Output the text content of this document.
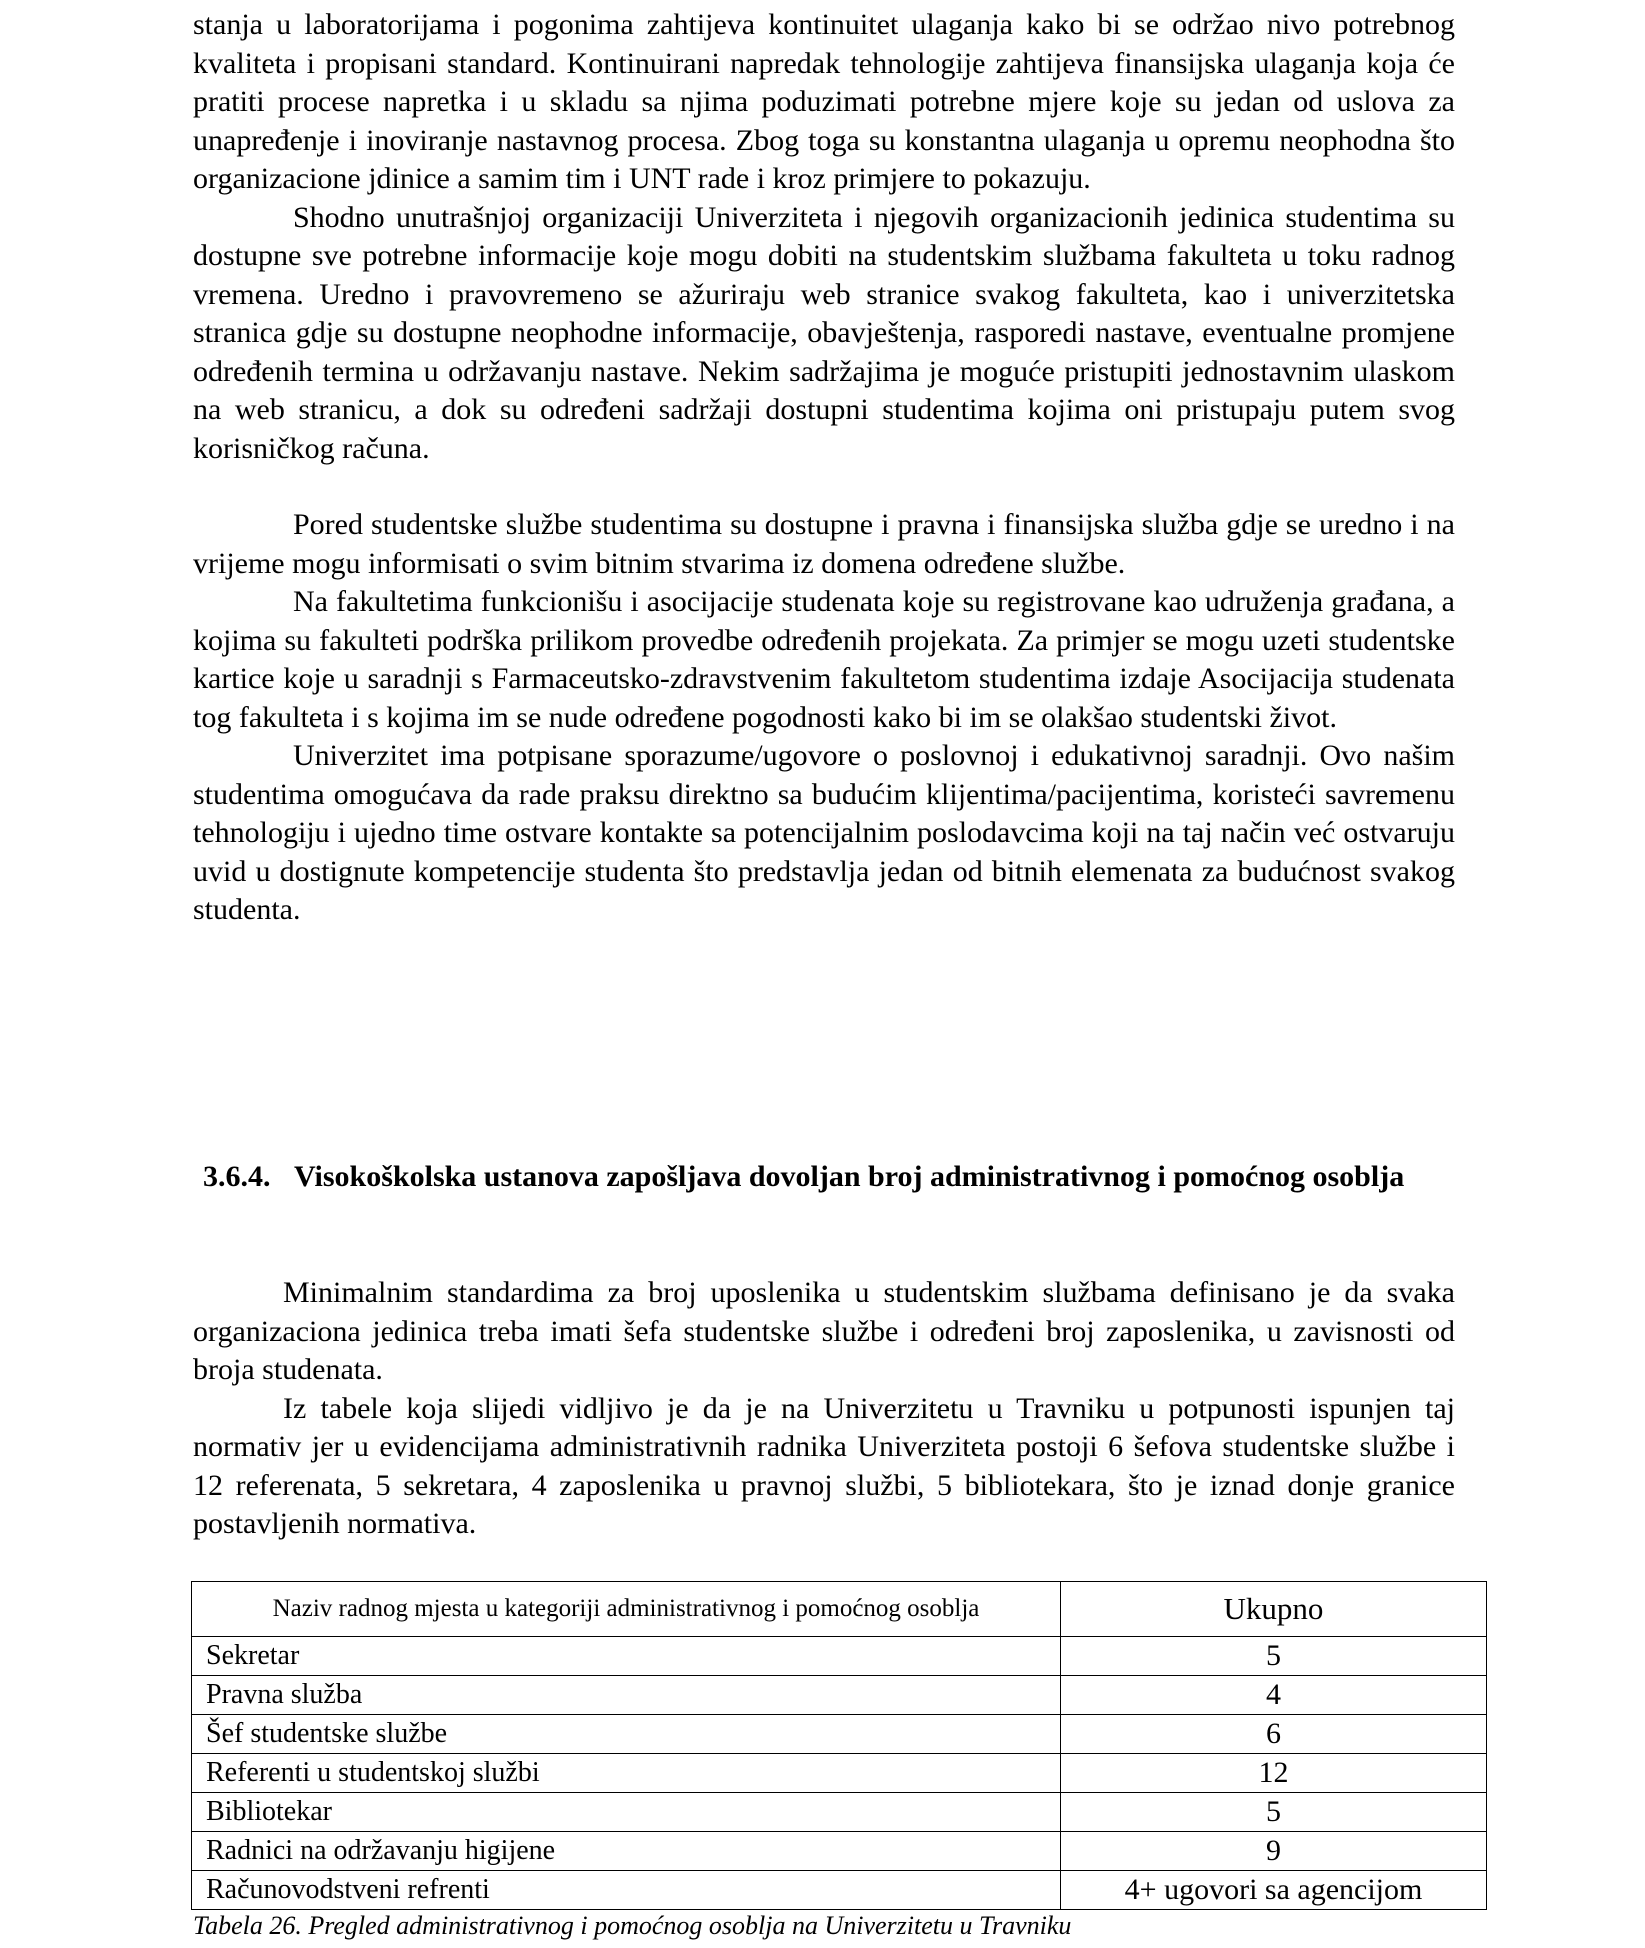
stanja u laboratorijama i pogonima zahtijeva kontinuitet ulaganja kako bi se održao nivo potrebnog kvaliteta i propisani standard. Kontinuirani napredak tehnologije zahtijeva finansijska ulaganja koja će pratiti procese napretka i u skladu sa njima poduzimati potrebne mjere koje su jedan od uslova za unapređenje i inoviranje nastavnog procesa. Zbog toga su konstantna ulaganja u opremu neophodna što organizacione jdinice a samim tim i UNT rade i kroz primjere to pokazuju.

Shodno unutrašnjoj organizaciji Univerziteta i njegovih organizacionih jedinica studentima su dostupne sve potrebne informacije koje mogu dobiti na studentskim službama fakulteta u toku radnog vremena. Uredno i pravovremeno se ažuriraju web stranice svakog fakulteta, kao i univerzitetska stranica gdje su dostupne neophodne informacije, obavještenja, rasporedi nastave, eventualne promjene određenih termina u održavanju nastave. Nekim sadržajima je moguće pristupiti jednostavnim ulaskom na web stranicu, a dok su određeni sadržaji dostupni studentima kojima oni pristupaju putem svog korisničkog računa.

Pored studentske službe studentima su dostupne i pravna i finansijska služba gdje se uredno i na vrijeme mogu informisati o svim bitnim stvarima iz domena određene službe.

Na fakultetima funkcionišu i asocijacije studenata koje su registrovane kao udruženja građana, a kojima su fakulteti podrška prilikom provedbe određenih projekata. Za primjer se mogu uzeti studentske kartice koje u saradnji s Farmaceutsko-zdravstvenim fakultetom studentima izdaje Asocijacija studenata tog fakulteta i s kojima im se nude određene pogodnosti kako bi im se olakšao studentski život.

Univerzitet ima potpisane sporazume/ugovore o poslovnoj i edukativnoj saradnji. Ovo našim studentima omogućava da rade praksu direktno sa budućim klijentima/pacijentima, koristeći savremenu tehnologiju i ujedno time ostvare kontakte sa potencijalnim poslodavcima koji na taj način već ostvaruju uvid u dostignute kompetencije studenta što predstavlja jedan od bitnih elemenata za budućnost svakog studenta.

3.6.4. Visokoškolska ustanova zapošljava dovoljan broj administrativnog i pomoćnog osoblja

Minimalnim standardima za broj uposlenika u studentskim službama definisano je da svaka organizaciona jedinica treba imati šefa studentske službe i određeni broj zaposlenika, u zavisnosti od broja studenata.

Iz tabele koja slijedi vidljivo je da je na Univerzitetu u Travniku u potpunosti ispunjen taj normativ jer u evidencijama administrativnih radnika Univerziteta postoji 6 šefova studentske službe i 12 referenata, 5 sekretara, 4 zaposlenika u pravnoj službi, 5 bibliotekara, što je iznad donje granice postavljenih normativa.

Naziv radnog mjesta u kategoriji administrativnog i pomoćnog osoblja	Ukupno
Sekretar	5
Pravna služba	4
Šef studentske službe	6
Referenti u studentskoj službi	12
Bibliotekar	5
Radnici na održavanju higijene	9
Računovodstveni refrenti	4+ ugovori sa agencijom
Tabela 26. Pregled administrativnog i pomoćnog osoblja na Univerzitetu u Travniku
